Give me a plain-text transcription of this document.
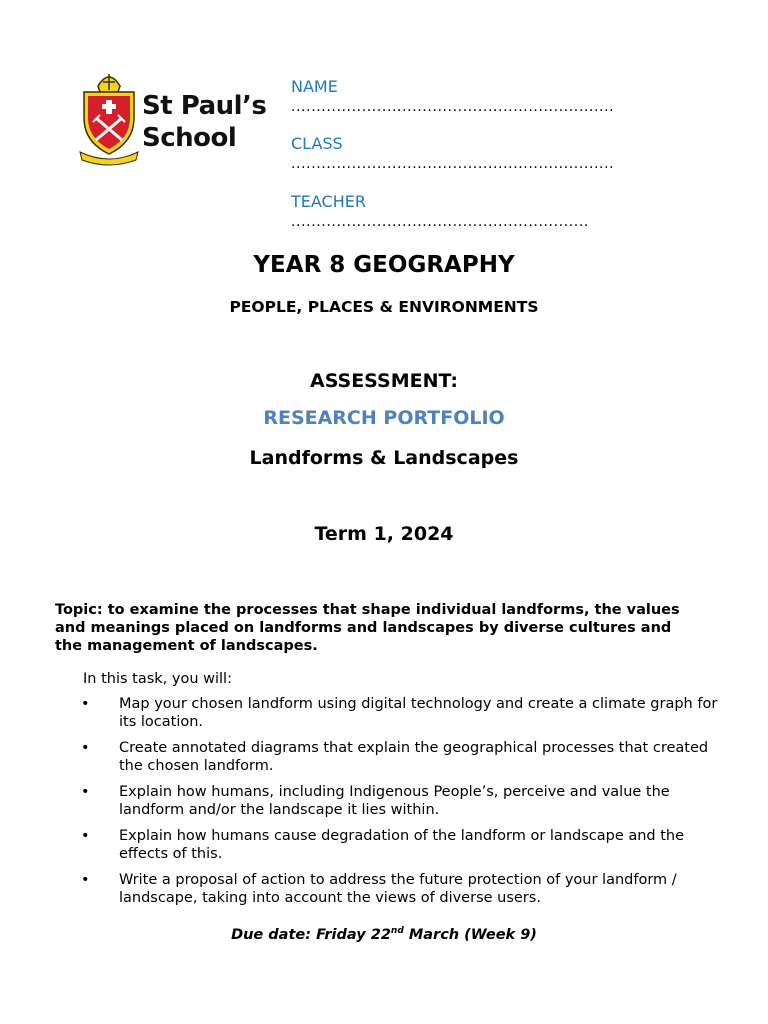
St Paul’s
School
NAME
................................................................
CLASS
................................................................
TEACHER
...........................................................
YEAR 8 GEOGRAPHY
PEOPLE, PLACES & ENVIRONMENTS
ASSESSMENT:
RESEARCH PORTFOLIO
Landforms & Landscapes
Term 1, 2024
Topic: to examine the processes that shape individual landforms, the values and meanings placed on landforms and landscapes by diverse cultures and the management of landscapes.
In this task, you will:
• Map your chosen landform using digital technology and create a climate graph for its location.
• Create annotated diagrams that explain the geographical processes that created the chosen landform.
• Explain how humans, including Indigenous People’s, perceive and value the landform and/or the landscape it lies within.
• Explain how humans cause degradation of the landform or landscape and the effects of this.
• Write a proposal of action to address the future protection of your landform / landscape, taking into account the views of diverse users.
Due date: Friday 22nd March (Week 9)
